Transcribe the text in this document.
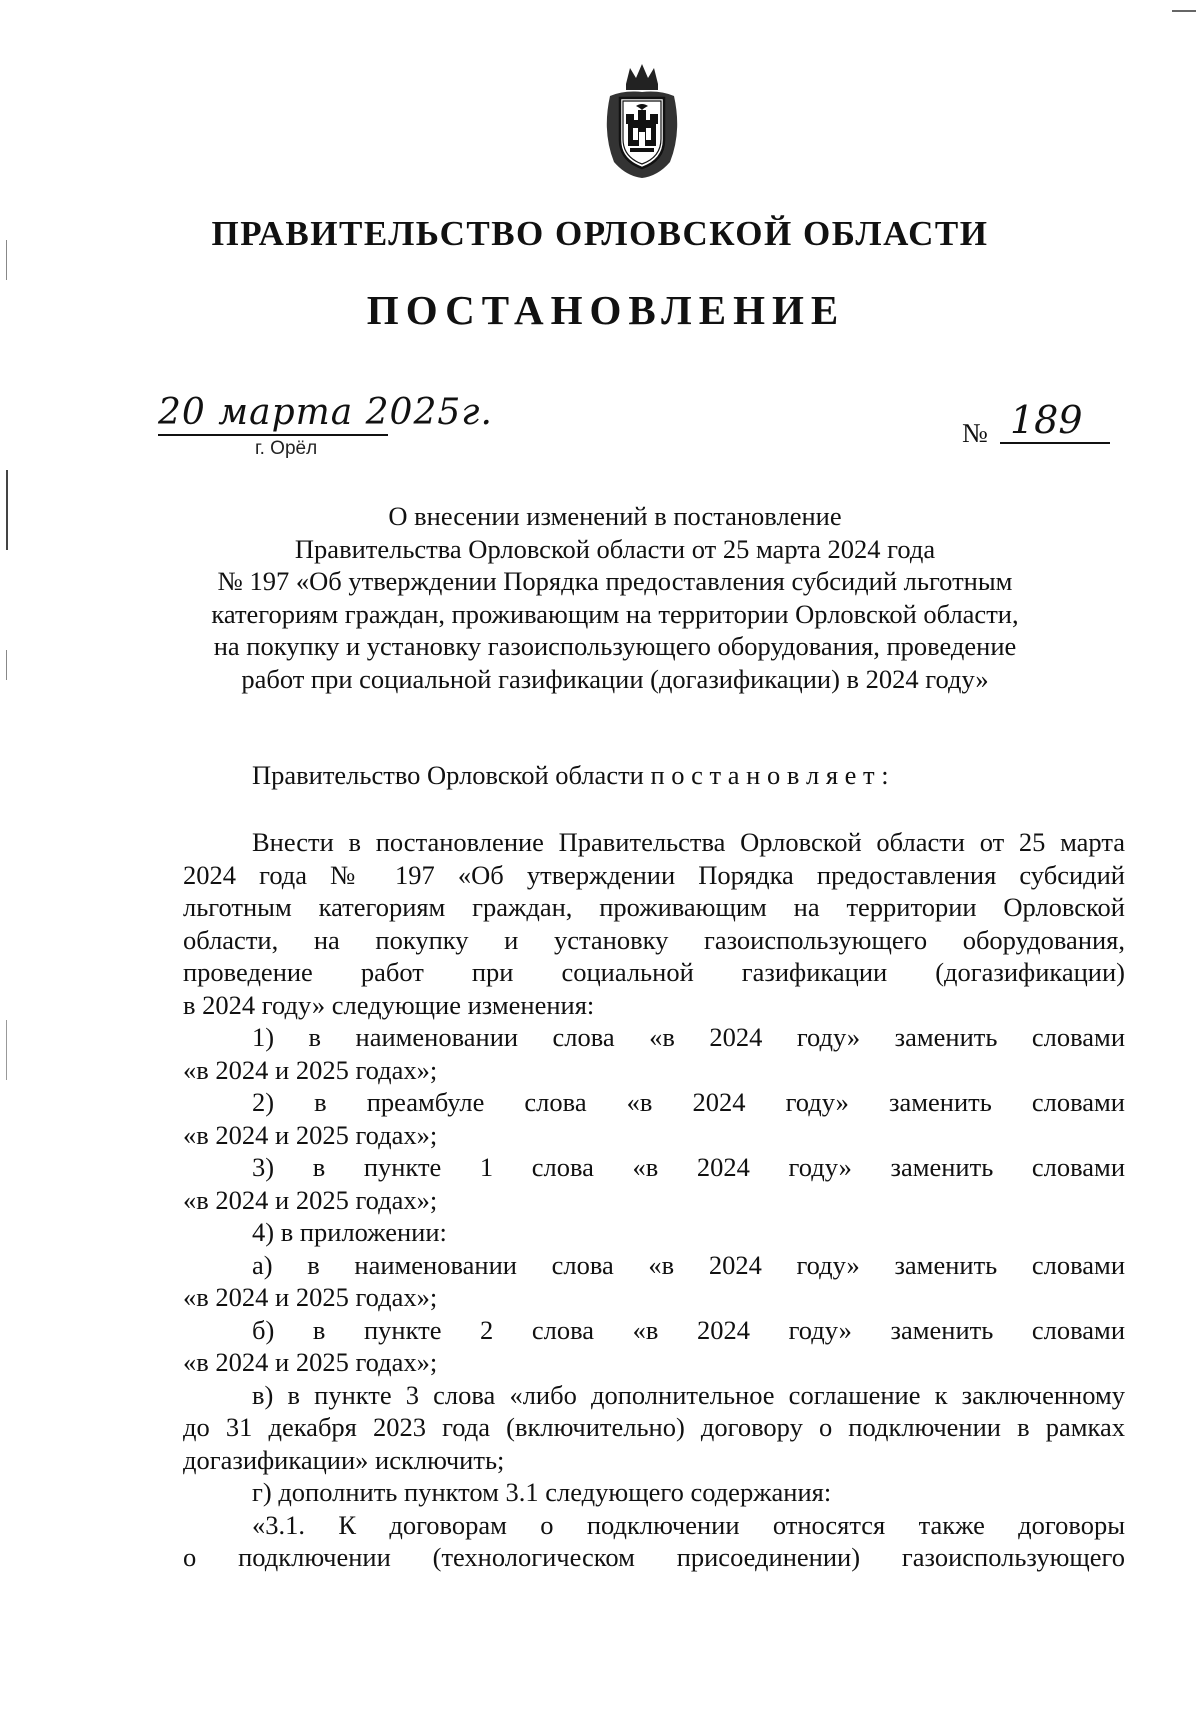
ПРАВИТЕЛЬСТВО ОРЛОВСКОЙ ОБЛАСТИ
ПОСТАНОВЛЕНИЕ
20 марта 2025г.
г. Орёл
№ 189
О внесении изменений в постановление
Правительства Орловской области от 25 марта 2024 года
№ 197 «Об утверждении Порядка предоставления субсидий льготным
категориям граждан, проживающим на территории Орловской области,
на покупку и установку газоиспользующего оборудования, проведение
работ при социальной газификации (догазификации) в 2024 году»
Правительство Орловской области п о с т а н о в л я е т :
Внести в постановление Правительства Орловской области от 25 марта
2024 года № 197 «Об утверждении Порядка предоставления субсидий
льготным категориям граждан, проживающим на территории Орловской
области, на покупку и установку газоиспользующего оборудования,
проведение работ при социальной газификации (догазификации)
в 2024 году» следующие изменения:
1) в наименовании слова «в 2024 году» заменить словами
«в 2024 и 2025 годах»;
2) в преамбуле слова «в 2024 году» заменить словами
«в 2024 и 2025 годах»;
3) в пункте 1 слова «в 2024 году» заменить словами
«в 2024 и 2025 годах»;
4) в приложении:
а) в наименовании слова «в 2024 году» заменить словами
«в 2024 и 2025 годах»;
б) в пункте 2 слова «в 2024 году» заменить словами
«в 2024 и 2025 годах»;
в) в пункте 3 слова «либо дополнительное соглашение к заключенному
до 31 декабря 2023 года (включительно) договору о подключении в рамках
догазификации» исключить;
г) дополнить пунктом 3.1 следующего содержания:
«3.1. К договорам о подключении относятся также договоры
о подключении (технологическом присоединении) газоиспользующего
